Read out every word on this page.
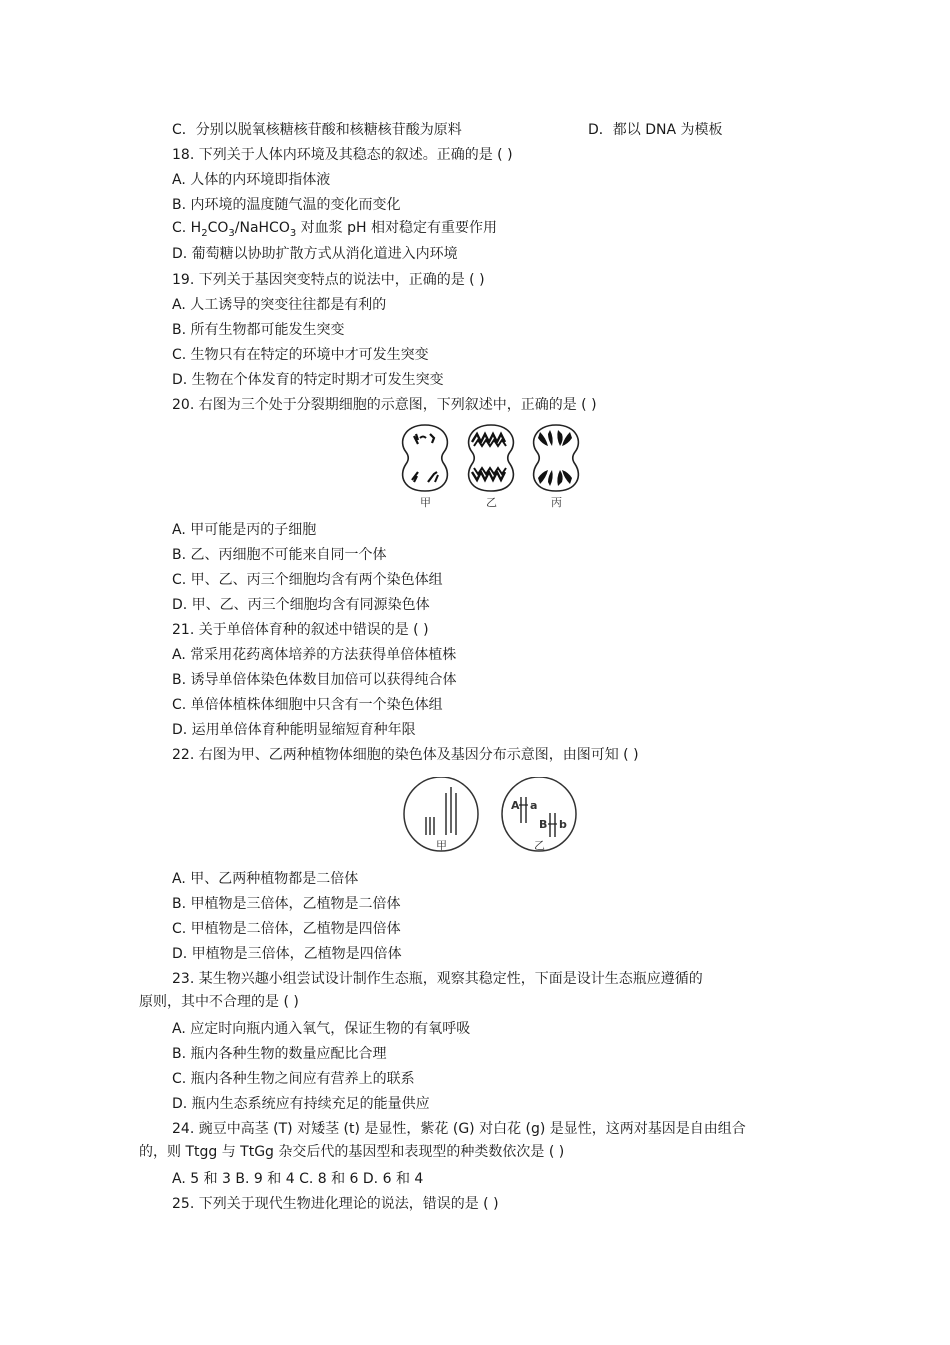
C．分别以脱氧核糖核苷酸和核糖核苷酸为原料	D．都以 DNA 为模板
18. 下列关于人体内环境及其稳态的叙述。正确的是 ( )
A. 人体的内环境即指体液
B. 内环境的温度随气温的变化而变化
C. $H_2CO_3/NaHCO_3$ 对血浆 pH 相对稳定有重要作用
D. 葡萄糖以协助扩散方式从消化道进入内环境
19. 下列关于基因突变特点的说法中，正确的是 ( )
A. 人工诱导的突变往往都是有利的
B. 所有生物都可能发生突变
C. 生物只有在特定的环境中才可发生突变
D. 生物在个体发育的特定时期才可发生突变
20. 右图为三个处于分裂期细胞的示意图，下列叙述中，正确的是 ( )
甲	乙	丙
A. 甲可能是丙的子细胞
B. 乙、丙细胞不可能来自同一个体
C. 甲、乙、丙三个细胞均含有两个染色体组
D. 甲、乙、丙三个细胞均含有同源染色体
21. 关于单倍体育种的叙述中错误的是 ( )
A. 常采用花药离体培养的方法获得单倍体植株
B. 诱导单倍体染色体数目加倍可以获得纯合体
C. 单倍体植株体细胞中只含有一个染色体组
D. 运用单倍体育种能明显缩短育种年限
22. 右图为甲、乙两种植物体细胞的染色体及基因分布示意图，由图可知 ( )
甲
A a
B b
乙
A. 甲、乙两种植物都是二倍体
B. 甲植物是三倍体，乙植物是二倍体
C. 甲植物是二倍体，乙植物是四倍体
D. 甲植物是三倍体，乙植物是四倍体
23. 某生物兴趣小组尝试设计制作生态瓶，观察其稳定性，下面是设计生态瓶应遵循的
原则，其中不合理的是 ( )
A. 应定时向瓶内通入氧气，保证生物的有氧呼吸
B. 瓶内各种生物的数量应配比合理
C. 瓶内各种生物之间应有营养上的联系
D. 瓶内生态系统应有持续充足的能量供应
24. 豌豆中高茎 (T) 对矮茎 (t) 是显性，紫花 (G) 对白花 (g) 是显性，这两对基因是自由组合
的，则 Ttgg 与 TtGg 杂交后代的基因型和表现型的种类数依次是 ( )
A. 5 和 3 B. 9 和 4 C. 8 和 6 D. 6 和 4
25. 下列关于现代生物进化理论的说法，错误的是 ( )
